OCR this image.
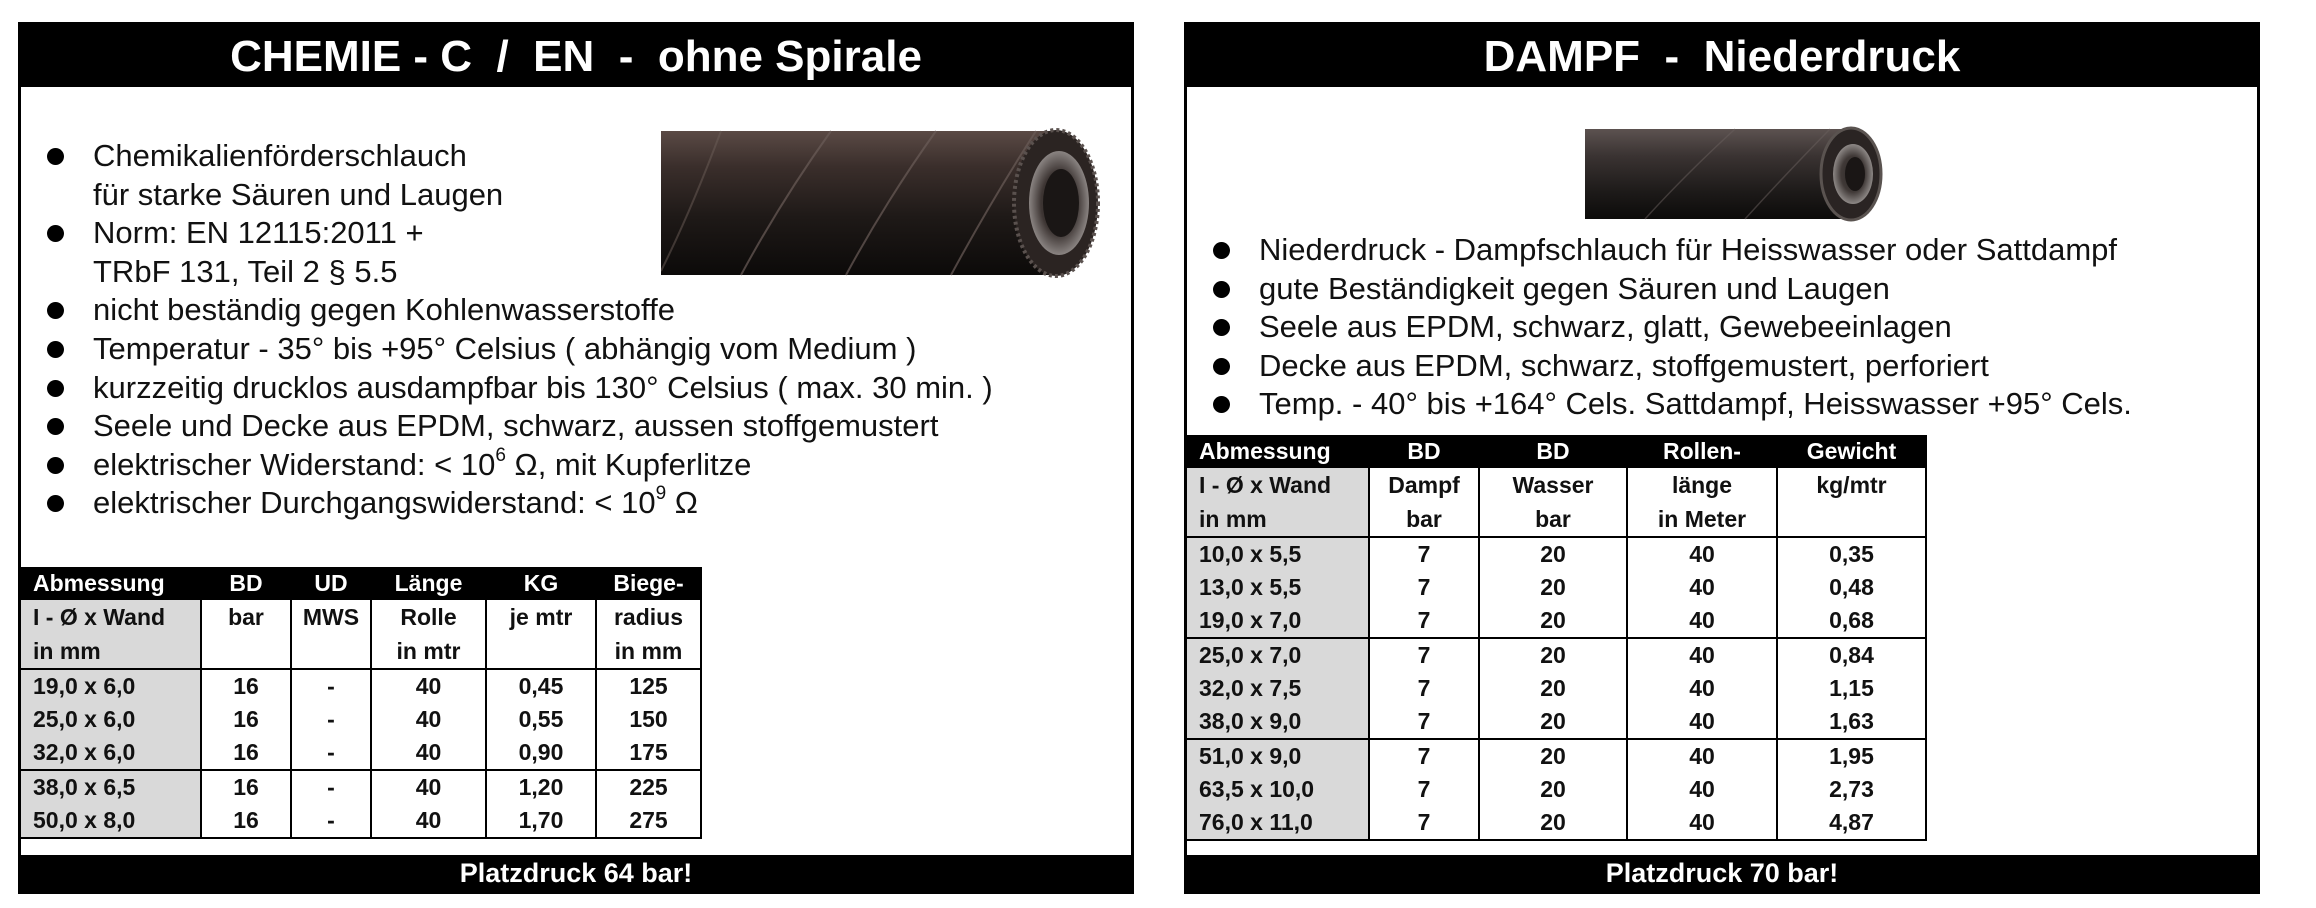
CHEMIE - C  /  EN  -  ohne Spirale
Chemikalienförderschlauch
für starke Säuren und Laugen
Norm: EN 12115:2011 +
TRbF 131, Teil 2 § 5.5
nicht beständig gegen Kohlenwasserstoffe
Temperatur - 35° bis +95° Celsius ( abhängig vom Medium )
kurzzeitig drucklos ausdampfbar bis 130° Celsius ( max. 30 min. )
Seele und Decke aus EPDM, schwarz, aussen stoffgemustert
elektrischer Widerstand: < $10^6$ Ω, mit Kupferlitze
elektrischer Durchgangswiderstand: < $10^9$ Ω
Abmessung	BD	UD	Länge	KG	Biege-
I - Ø x Wand	bar	MWS	Rolle	je mtr	radius
in mm			in mtr		in mm
19,0 x 6,0	16	-	40	0,45	125
25,0 x 6,0	16	-	40	0,55	150
32,0 x 6,0	16	-	40	0,90	175
38,0 x 6,5	16	-	40	1,20	225
50,0 x 8,0	16	-	40	1,70	275
Platzdruck 64 bar!
DAMPF  -  Niederdruck
Niederdruck - Dampfschlauch für Heisswasser oder Sattdampf
gute Beständigkeit gegen Säuren und Laugen
Seele aus EPDM, schwarz, glatt, Gewebeeinlagen
Decke aus EPDM, schwarz, stoffgemustert, perforiert
Temp. - 40° bis +164° Cels. Sattdampf, Heisswasser +95° Cels.
Abmessung	BD	BD	Rollen-	Gewicht
I - Ø x Wand	Dampf	Wasser	länge	kg/mtr
in mm	bar	bar	in Meter	
10,0 x 5,5	7	20	40	0,35
13,0 x 5,5	7	20	40	0,48
19,0 x 7,0	7	20	40	0,68
25,0 x 7,0	7	20	40	0,84
32,0 x 7,5	7	20	40	1,15
38,0 x 9,0	7	20	40	1,63
51,0 x 9,0	7	20	40	1,95
63,5 x 10,0	7	20	40	2,73
76,0 x 11,0	7	20	40	4,87
Platzdruck 70 bar!
